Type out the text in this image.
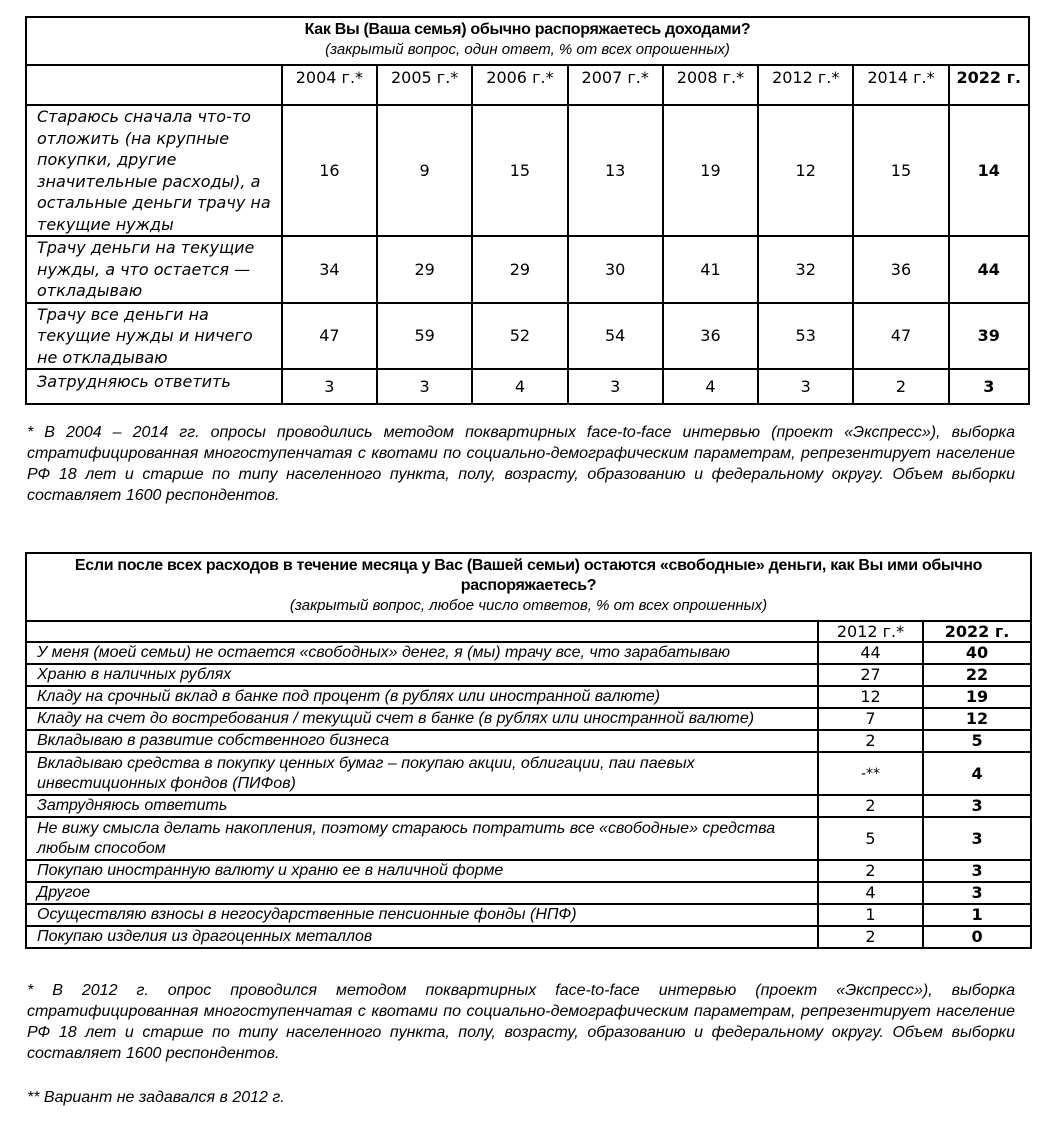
Как Вы (Ваша семья) обычно распоряжаетесь доходами?
(закрытый вопрос, один ответ, % от всех опрошенных)								

	2004 г.*	2005 г.*	2006 г.*	2007 г.*	2008 г.*	2012 г.*	2014 г.*	2022 г.
Стараюсь сначала что-то отложить (на крупные покупки, другие значительные расходы), а остальные деньги трачу на текущие нужды	16	9	15	13	19	12	15	14
Трачу деньги на текущие нужды, а что остается — откладываю	34	29	29	30	41	32	36	44
Трачу все деньги на текущие нужды и ничего не откладываю	47	59	52	54	36	53	47	39
Затрудняюсь ответить	3	3	4	3	4	3	2	3

* В 2004 – 2014 гг. опросы проводились методом поквартирных face-to-face интервью (проект «Экспресс»), выборка стратифицированная многоступенчатая с квотами по социально-демографическим параметрам, репрезентирует население РФ 18 лет и старше по типу населенного пункта, полу, возрасту, образованию и федеральному округу. Объем выборки составляет 1600 респондентов.

Если после всех расходов в течение месяца у Вас (Вашей семьи) остаются «свободные» деньги, как Вы ими обычно распоряжаетесь?
(закрытый вопрос, любое число ответов, % от всех опрошенных)		

	2012 г.*	2022 г.
У меня (моей семьи) не остается «свободных» денег, я (мы) трачу все, что зарабатываю	44	40
Храню в наличных рублях	27	22
Кладу на срочный вклад в банке под процент (в рублях или иностранной валюте)	12	19
Кладу на счет до востребования / текущий счет в банке (в рублях или иностранной валюте)	7	12
Вкладываю в развитие собственного бизнеса	2	5
Вкладываю средства в покупку ценных бумаг – покупаю акции, облигации, паи паевых инвестиционных фондов (ПИФов)	-**	4
Затрудняюсь ответить	2	3
Не вижу смысла делать накопления, поэтому стараюсь потратить все «свободные» средства любым способом	5	3
Покупаю иностранную валюту и храню ее в наличной форме	2	3
Другое	4	3
Осуществляю взносы в негосударственные пенсионные фонды (НПФ)	1	1
Покупаю изделия из драгоценных металлов	2	0

* В 2012 г. опрос проводился методом поквартирных face-to-face интервью (проект «Экспресс»), выборка стратифицированная многоступенчатая с квотами по социально-демографическим параметрам, репрезентирует население РФ 18 лет и старше по типу населенного пункта, полу, возрасту, образованию и федеральному округу. Объем выборки составляет 1600 респондентов.

** Вариант не задавался в 2012 г.
